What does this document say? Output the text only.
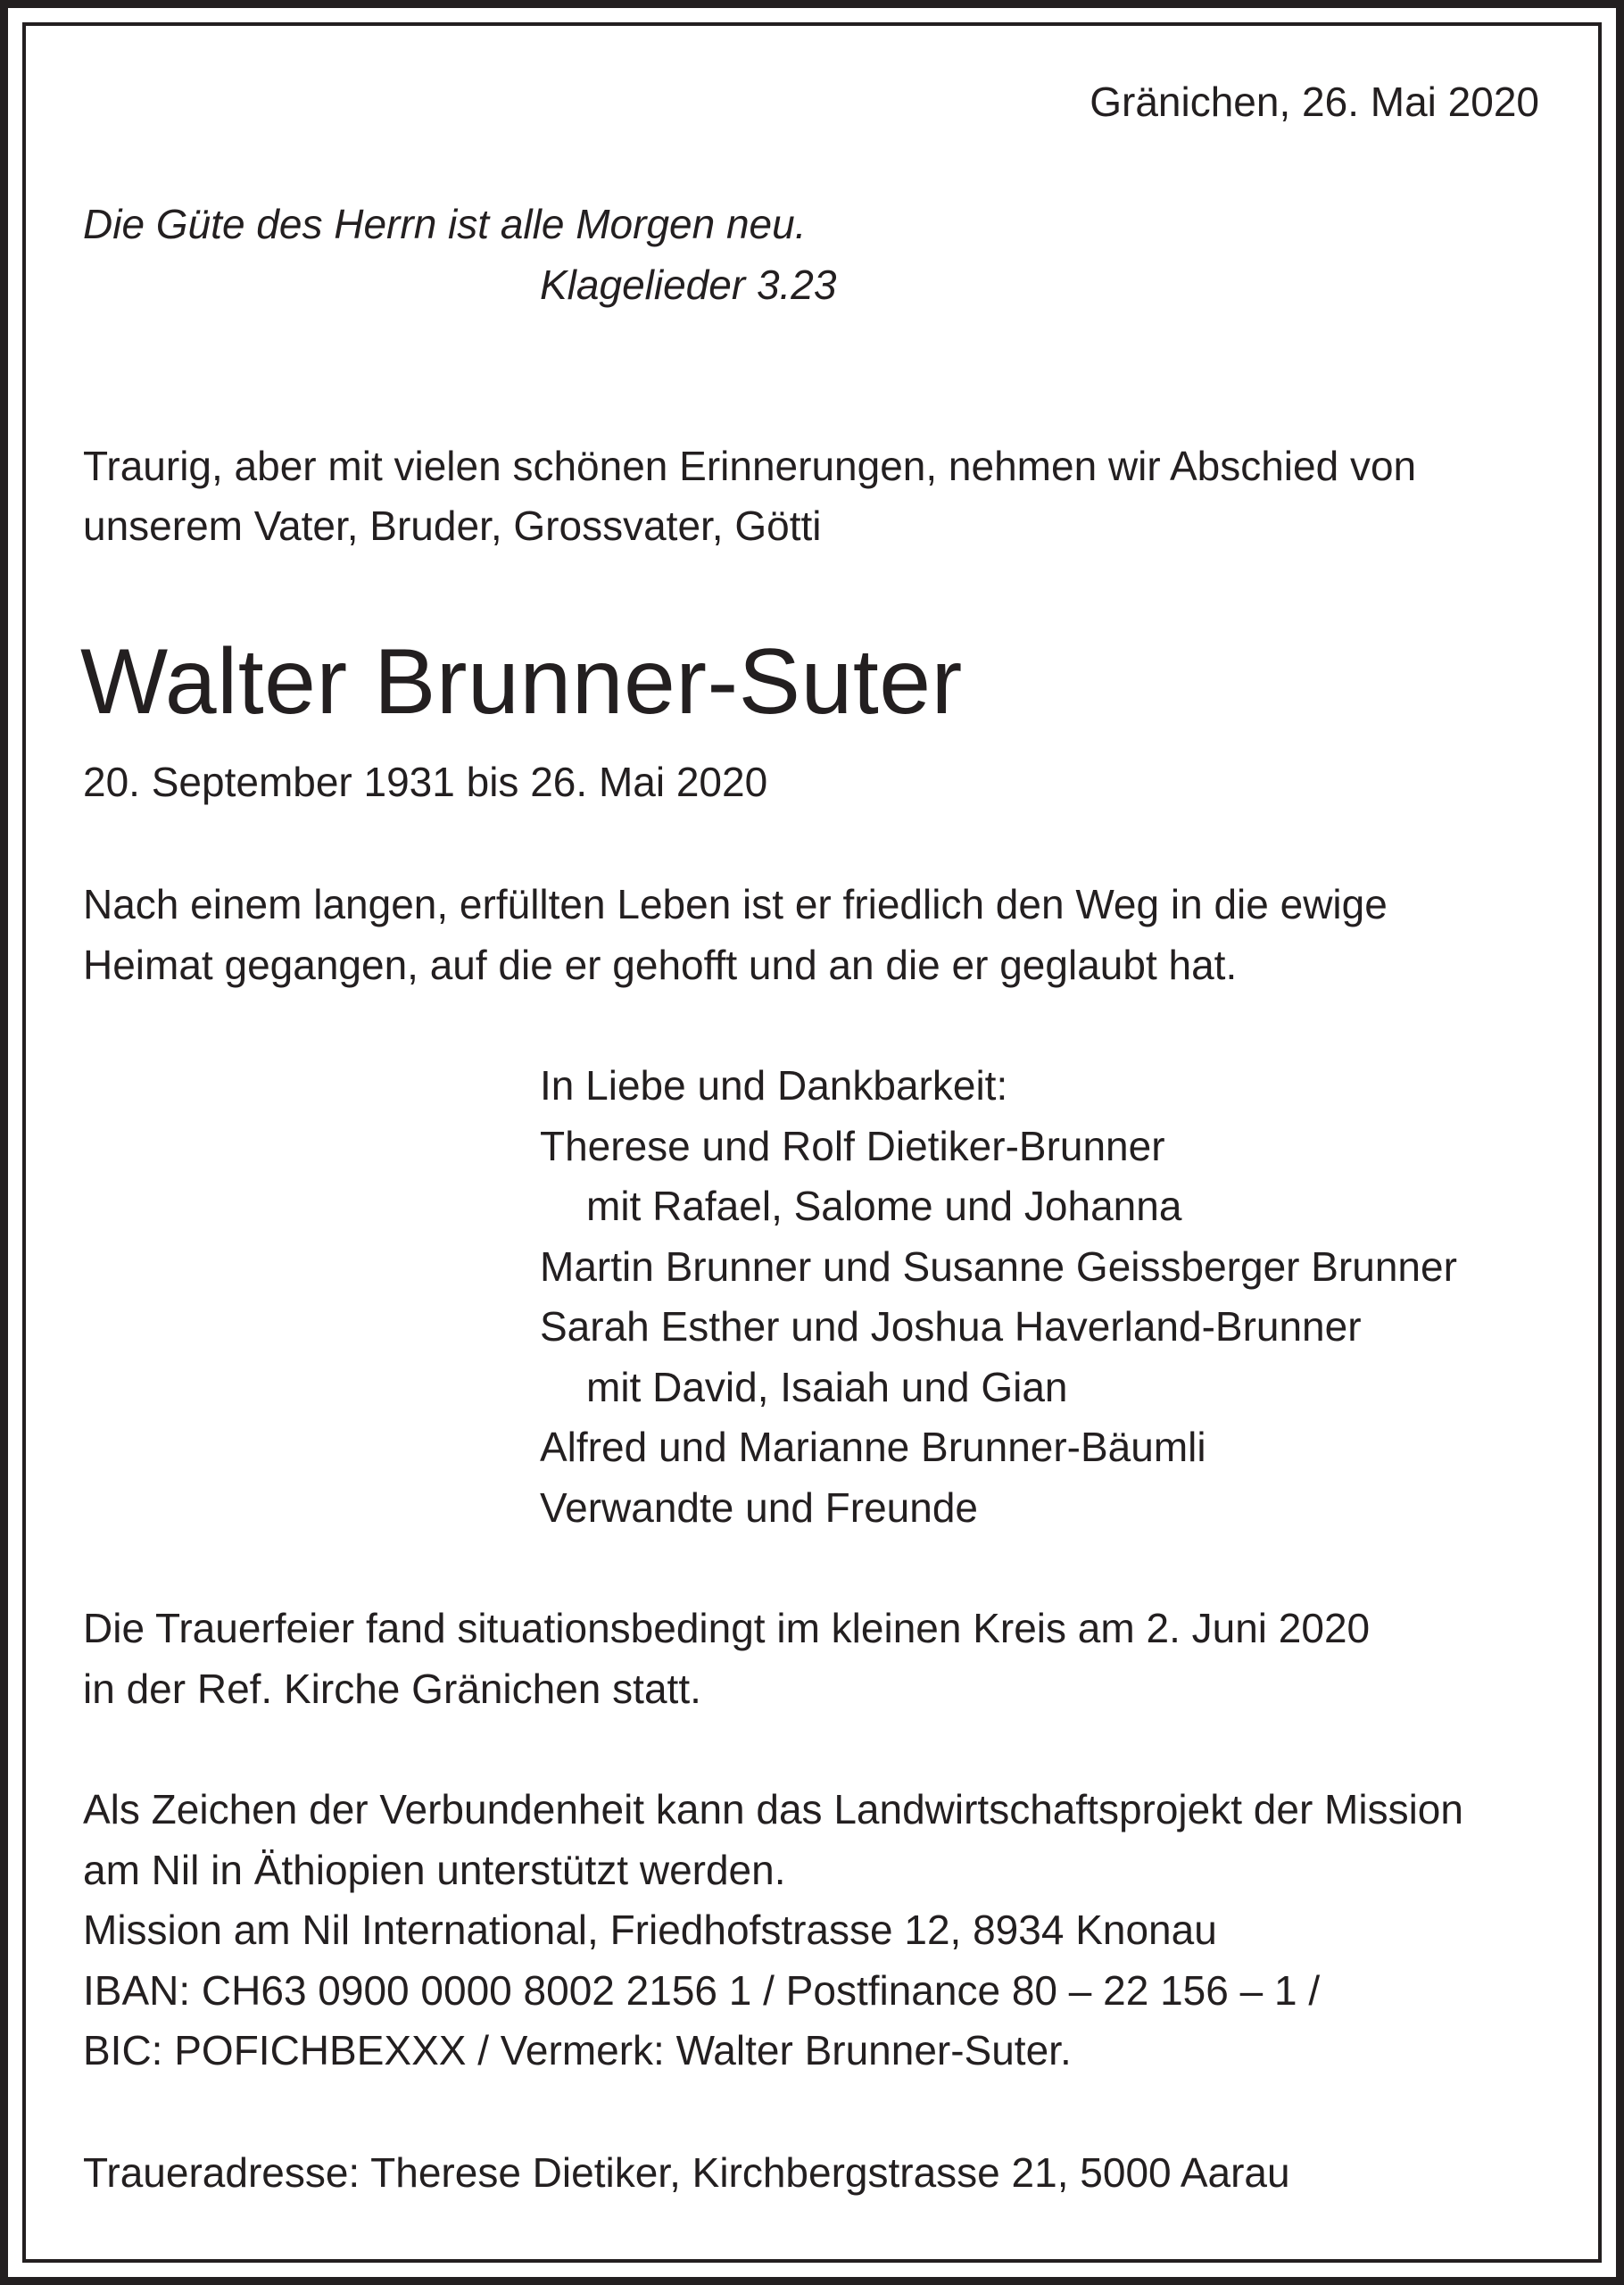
Gränichen, 26. Mai 2020

Die Güte des Herrn ist alle Morgen neu.

Klagelieder 3.23

Traurig, aber mit vielen schönen Erinnerungen, nehmen wir Abschied von

unserem Vater, Bruder, Grossvater, Götti

Walter Brunner-Suter

20. September 1931 bis 26. Mai 2020

Nach einem langen, erfüllten Leben ist er friedlich den Weg in die ewige

Heimat gegangen, auf die er gehofft und an die er geglaubt hat.

In Liebe und Dankbarkeit:

Therese und Rolf Dietiker-Brunner

mit Rafael, Salome und Johanna

Martin Brunner und Susanne Geissberger Brunner

Sarah Esther und Joshua Haverland-Brunner

mit David, Isaiah und Gian

Alfred und Marianne Brunner-Bäumli

Verwandte und Freunde

Die Trauerfeier fand situationsbedingt im kleinen Kreis am 2. Juni 2020

in der Ref. Kirche Gränichen statt.

Als Zeichen der Verbundenheit kann das Landwirtschaftsprojekt der Mission

am Nil in Äthiopien unterstützt werden.

Mission am Nil International, Friedhofstrasse 12, 8934 Knonau

IBAN: CH63 0900 0000 8002 2156 1 / Postfinance 80 – 22 156 – 1 /

BIC: POFICHBEXXX / Vermerk: Walter Brunner-Suter.

Traueradresse: Therese Dietiker, Kirchbergstrasse 21, 5000 Aarau
